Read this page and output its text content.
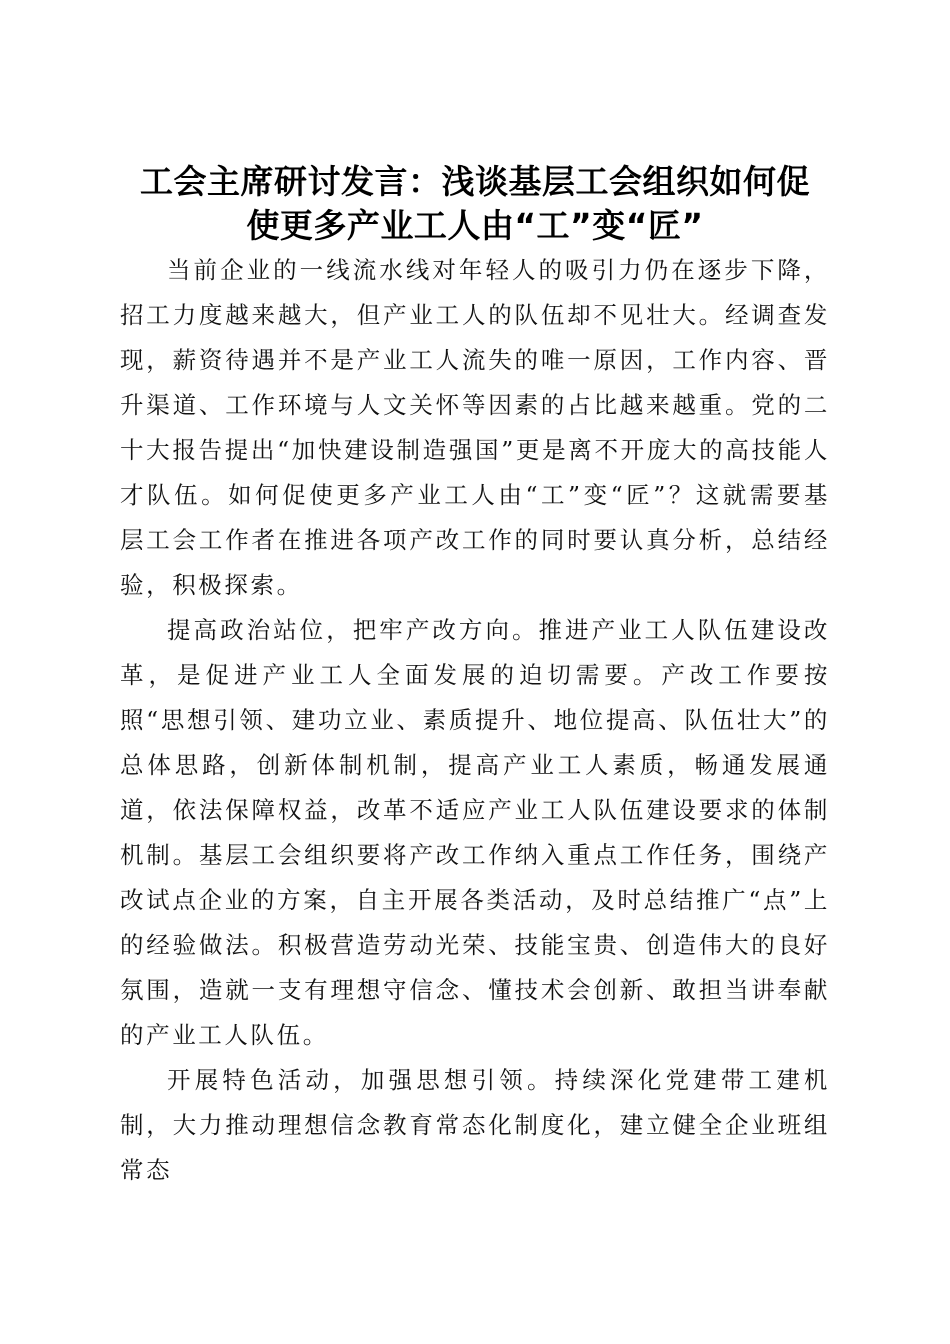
工会主席研讨发言：浅谈基层工会组织如何促
使更多产业工人由“工”变“匠”

当前企业的一线流水线对年轻人的吸引力仍在逐步下降，招工力度越来越大，但产业工人的队伍却不见壮大。经调查发现，薪资待遇并不是产业工人流失的唯一原因，工作内容、晋升渠道、工作环境与人文关怀等因素的占比越来越重。党的二十大报告提出“加快建设制造强国”更是离不开庞大的高技能人才队伍。如何促使更多产业工人由“工”变“匠”？这就需要基层工会工作者在推进各项产改工作的同时要认真分析，总结经验，积极探索。

提高政治站位，把牢产改方向。推进产业工人队伍建设改革，是促进产业工人全面发展的迫切需要。产改工作要按照“思想引领、建功立业、素质提升、地位提高、队伍壮大”的总体思路，创新体制机制，提高产业工人素质，畅通发展通道，依法保障权益，改革不适应产业工人队伍建设要求的体制机制。基层工会组织要将产改工作纳入重点工作任务，围绕产改试点企业的方案，自主开展各类活动，及时总结推广“点”上的经验做法。积极营造劳动光荣、技能宝贵、创造伟大的良好氛围，造就一支有理想守信念、懂技术会创新、敢担当讲奉献的产业工人队伍。

开展特色活动，加强思想引领。持续深化党建带工建机制，大力推动理想信念教育常态化制度化，建立健全企业班组常态
